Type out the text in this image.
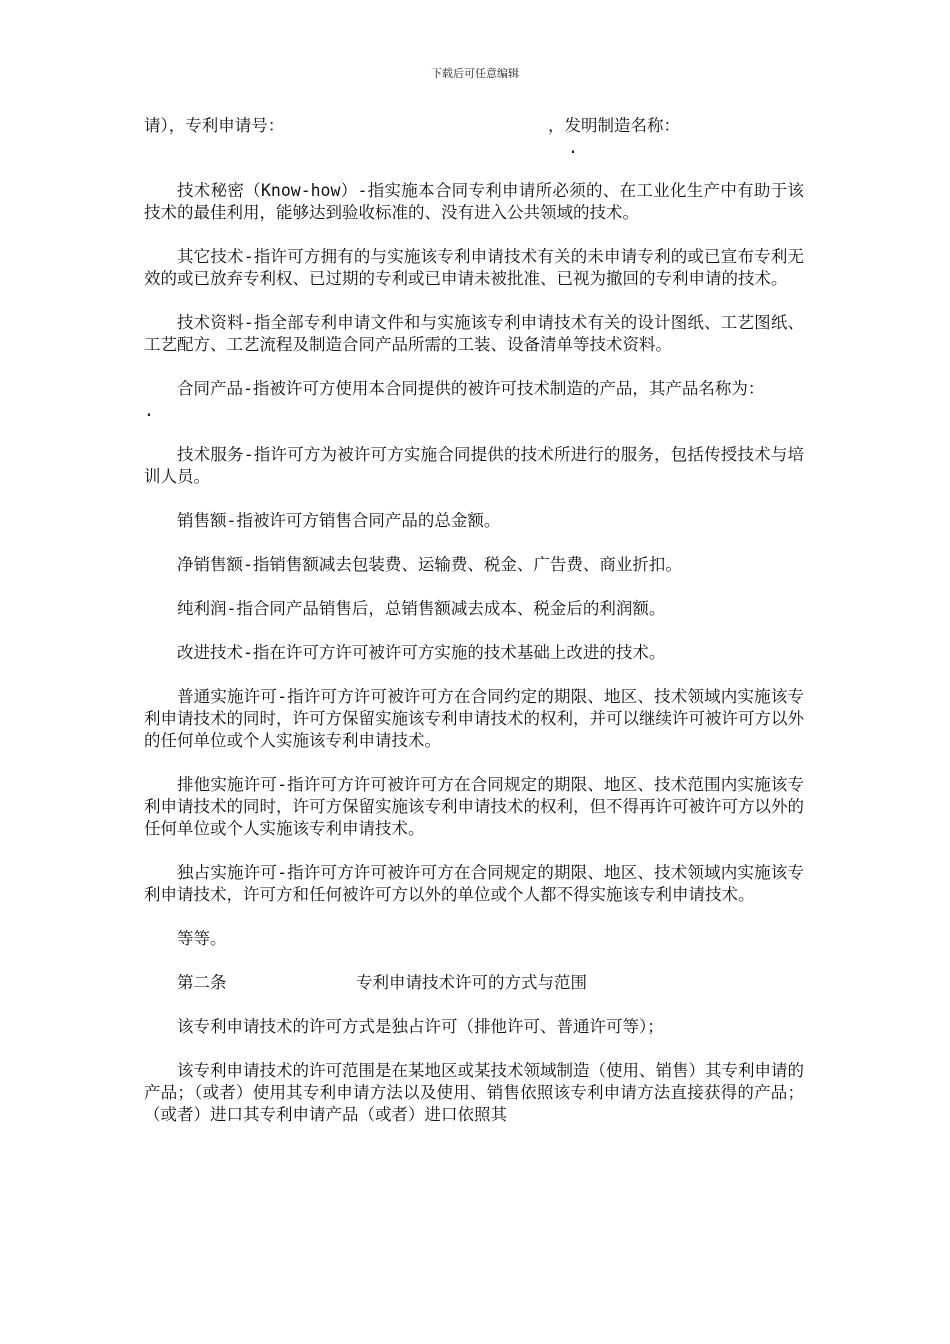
下载后可任意编辑
请），专利申请号：	，发明制造名称：
.

技术秘密（Know-how）-指实施本合同专利申请所必须的、在工业化生产中有助于该技术的最佳利用，能够达到验收标准的、没有进入公共领域的技术。

其它技术-指许可方拥有的与实施该专利申请技术有关的未申请专利的或已宣布专利无效的或已放弃专利权、已过期的专利或已申请未被批准、已视为撤回的专利申请的技术。

技术资料-指全部专利申请文件和与实施该专利申请技术有关的设计图纸、工艺图纸、工艺配方、工艺流程及制造合同产品所需的工装、设备清单等技术资料。

合同产品-指被许可方使用本合同提供的被许可技术制造的产品，其产品名称为：

.

技术服务-指许可方为被许可方实施合同提供的技术所进行的服务，包括传授技术与培训人员。

销售额-指被许可方销售合同产品的总金额。

净销售额-指销售额减去包装费、运输费、税金、广告费、商业折扣。

纯利润-指合同产品销售后，总销售额减去成本、税金后的利润额。

改进技术-指在许可方许可被许可方实施的技术基础上改进的技术。

普通实施许可-指许可方许可被许可方在合同约定的期限、地区、技术领域内实施该专利申请技术的同时，许可方保留实施该专利申请技术的权利，并可以继续许可被许可方以外的任何单位或个人实施该专利申请技术。

排他实施许可-指许可方许可被许可方在合同规定的期限、地区、技术范围内实施该专利申请技术的同时，许可方保留实施该专利申请技术的权利，但不得再许可被许可方以外的任何单位或个人实施该专利申请技术。

独占实施许可-指许可方许可被许可方在合同规定的期限、地区、技术领域内实施该专利申请技术，许可方和任何被许可方以外的单位或个人都不得实施该专利申请技术。

等等。

第二条	专利申请技术许可的方式与范围

该专利申请技术的许可方式是独占许可（排他许可、普通许可等）；

该专利申请技术的许可范围是在某地区或某技术领域制造（使用、销售）其专利申请的产品；（或者）使用其专利申请方法以及使用、销售依照该专利申请方法直接获得的产品；（或者）进口其专利申请产品（或者）进口依照其
